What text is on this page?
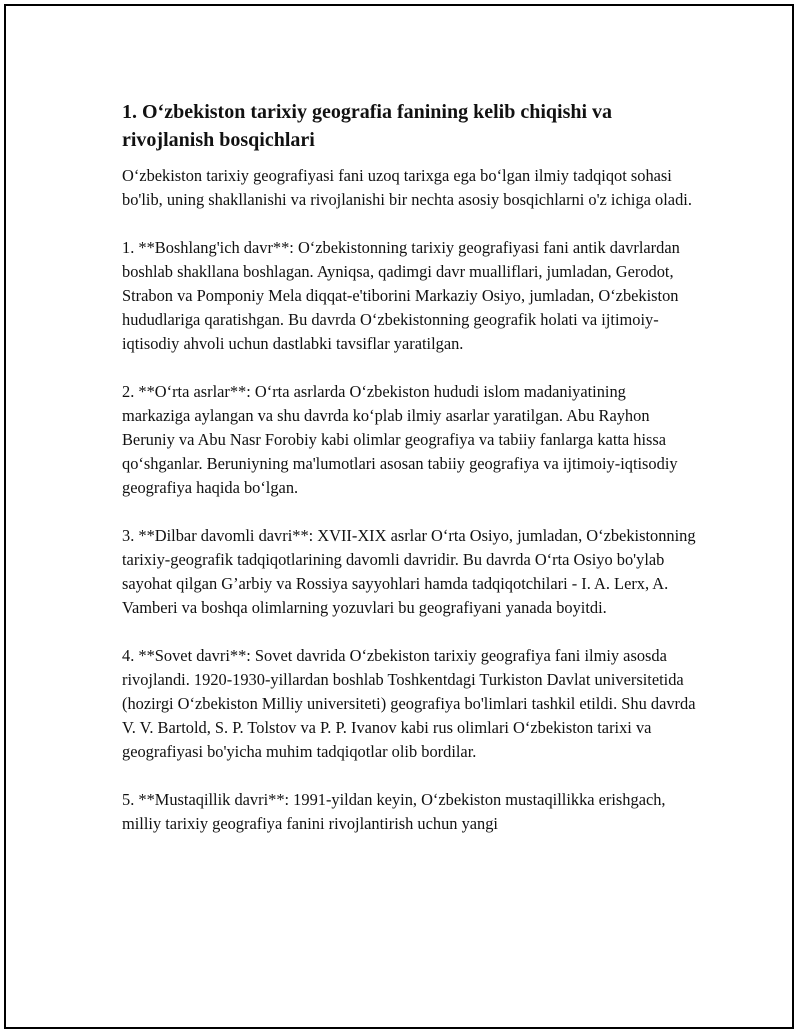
1. Oʻzbekiston tarixiy geografia fanining kelib chiqishi va rivojlanish bosqichlari

Oʻzbekiston tarixiy geografiyasi fani uzoq tarixga ega boʻlgan ilmiy tadqiqot sohasi bo'lib, uning shakllanishi va rivojlanishi bir nechta asosiy bosqichlarni o'z ichiga oladi.

1. **Boshlang'ich davr**: Oʻzbekistonning tarixiy geografiyasi fani antik davrlardan boshlab shakllana boshlagan. Ayniqsa, qadimgi davr mualliflari, jumladan, Gerodot, Strabon va Pomponiy Mela diqqat-e'tiborini Markaziy Osiyo, jumladan, Oʻzbekiston hududlariga qaratishgan. Bu davrda Oʻzbekistonning geografik holati va ijtimoiy-iqtisodiy ahvoli uchun dastlabki tavsiflar yaratilgan.

2. **Oʻrta asrlar**: Oʻrta asrlarda Oʻzbekiston hududi islom madaniyatining markaziga aylangan va shu davrda koʻplab ilmiy asarlar yaratilgan. Abu Rayhon Beruniy va Abu Nasr Forobiy kabi olimlar geografiya va tabiiy fanlarga katta hissa qoʻshganlar. Beruniyning ma'lumotlari asosan tabiiy geografiya va ijtimoiy-iqtisodiy geografiya haqida boʻlgan.

3. **Dilbar davomli davri**: XVII-XIX asrlar Oʻrta Osiyo, jumladan, Oʻzbekistonning tarixiy-geografik tadqiqotlarining davomli davridir. Bu davrda Oʻrta Osiyo bo'ylab sayohat qilgan G’arbiy va Rossiya sayyohlari hamda tadqiqotchilari - I. A. Lerx, A. Vamberi va boshqa olimlarning yozuvlari bu geografiyani yanada boyitdi.

4. **Sovet davri**: Sovet davrida Oʻzbekiston tarixiy geografiya fani ilmiy asosda rivojlandi. 1920-1930-yillardan boshlab Toshkentdagi Turkiston Davlat universitetida (hozirgi Oʻzbekiston Milliy universiteti) geografiya bo'limlari tashkil etildi. Shu davrda V. V. Bartold, S. P. Tolstov va P. P. Ivanov kabi rus olimlari Oʻzbekiston tarixi va geografiyasi bo'yicha muhim tadqiqotlar olib bordilar.

5. **Mustaqillik davri**: 1991-yildan keyin, Oʻzbekiston mustaqillikka erishgach, milliy tarixiy geografiya fanini rivojlantirish uchun yangi
